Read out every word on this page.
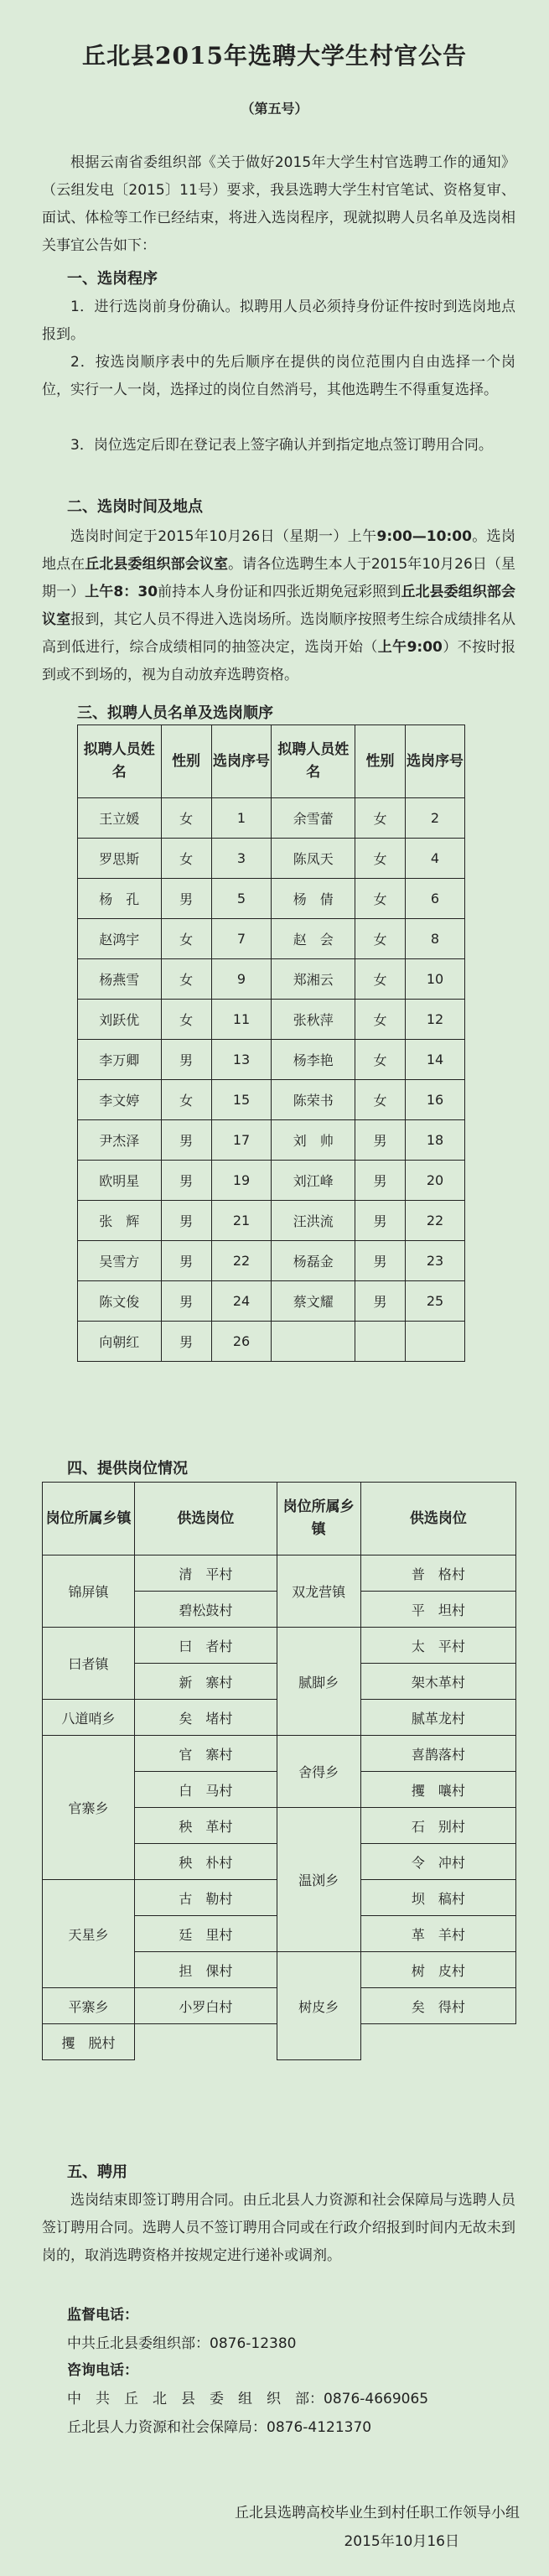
丘北县2015年选聘大学生村官公告
（第五号）
根据云南省委组织部《关于做好2015年大学生村官选聘工作的通知》（云组发电〔2015〕11号）要求，我县选聘大学生村官笔试、资格复审、面试、体检等工作已经结束，将进入选岗程序，现就拟聘人员名单及选岗相关事宜公告如下：
一、选岗程序
1．进行选岗前身份确认。拟聘用人员必须持身份证件按时到选岗地点报到。
2．按选岗顺序表中的先后顺序在提供的岗位范围内自由选择一个岗位，实行一人一岗，选择过的岗位自然消号，其他选聘生不得重复选择。
3．岗位选定后即在登记表上签字确认并到指定地点签订聘用合同。
二、选岗时间及地点
选岗时间定于2015年10月26日（星期一）上午9:00—10:00。选岗地点在丘北县委组织部会议室。请各位选聘生本人于2015年10月26日（星期一）上午8：30前持本人身份证和四张近期免冠彩照到丘北县委组织部会议室报到，其它人员不得进入选岗场所。选岗顺序按照考生综合成绩排名从高到低进行，综合成绩相同的抽签决定，选岗开始（上午9:00）不按时报到或不到场的，视为自动放弃选聘资格。
三、拟聘人员名单及选岗顺序
拟聘人员姓　名	性别	选岗序号	拟聘人员姓　名	性别	选岗序号
王立媛	女	1	余雪蕾	女	2
罗思斯	女	3	陈凤天	女	4
杨　孔	男	5	杨　倩	女	6
赵鸿宇	女	7	赵　会	女	8
杨燕雪	女	9	郑湘云	女	10
刘跃优	女	11	张秋萍	女	12
李万卿	男	13	杨李艳	女	14
李文婷	女	15	陈荣书	女	16
尹杰泽	男	17	刘　帅	男	18
欧明星	男	19	刘江峰	男	20
张　辉	男	21	汪洪流	男	22
吴雪方	男	22	杨磊金	男	23
陈文俊	男	24	蔡文耀	男	25
向朝红	男	26			
四、提供岗位情况
岗位所属乡镇	供选岗位	岗位所属乡镇	供选岗位
锦屏镇	清　平村	双龙营镇	普　格村
	碧松鼓村		平　坦村
曰者镇	曰　者村	腻脚乡	太　平村
	新　寨村		架木革村
八道哨乡	矣　堵村		腻革龙村
官寨乡	官　寨村	舍得乡	喜鹊落村
	白　马村		攫　嚷村
	秧　革村	温浏乡	石　别村
	秧　朴村		令　冲村
天星乡	古　勒村		坝　稿村
	廷　里村		革　羊村
	担　倮村	树皮乡	树　皮村
平寨乡	小罗白村		矣　得村
攫　脱村			
五、聘用
选岗结束即签订聘用合同。由丘北县人力资源和社会保障局与选聘人员签订聘用合同。选聘人员不签订聘用合同或在行政介绍报到时间内无故未到岗的，取消选聘资格并按规定进行递补或调剂。
监督电话：
中共丘北县委组织部：0876-12380
咨询电话：
中　共　丘　北　县　委　组　织　部：0876-4669065
丘北县人力资源和社会保障局：0876-4121370
丘北县选聘高校毕业生到村任职工作领导小组
2015年10月16日
